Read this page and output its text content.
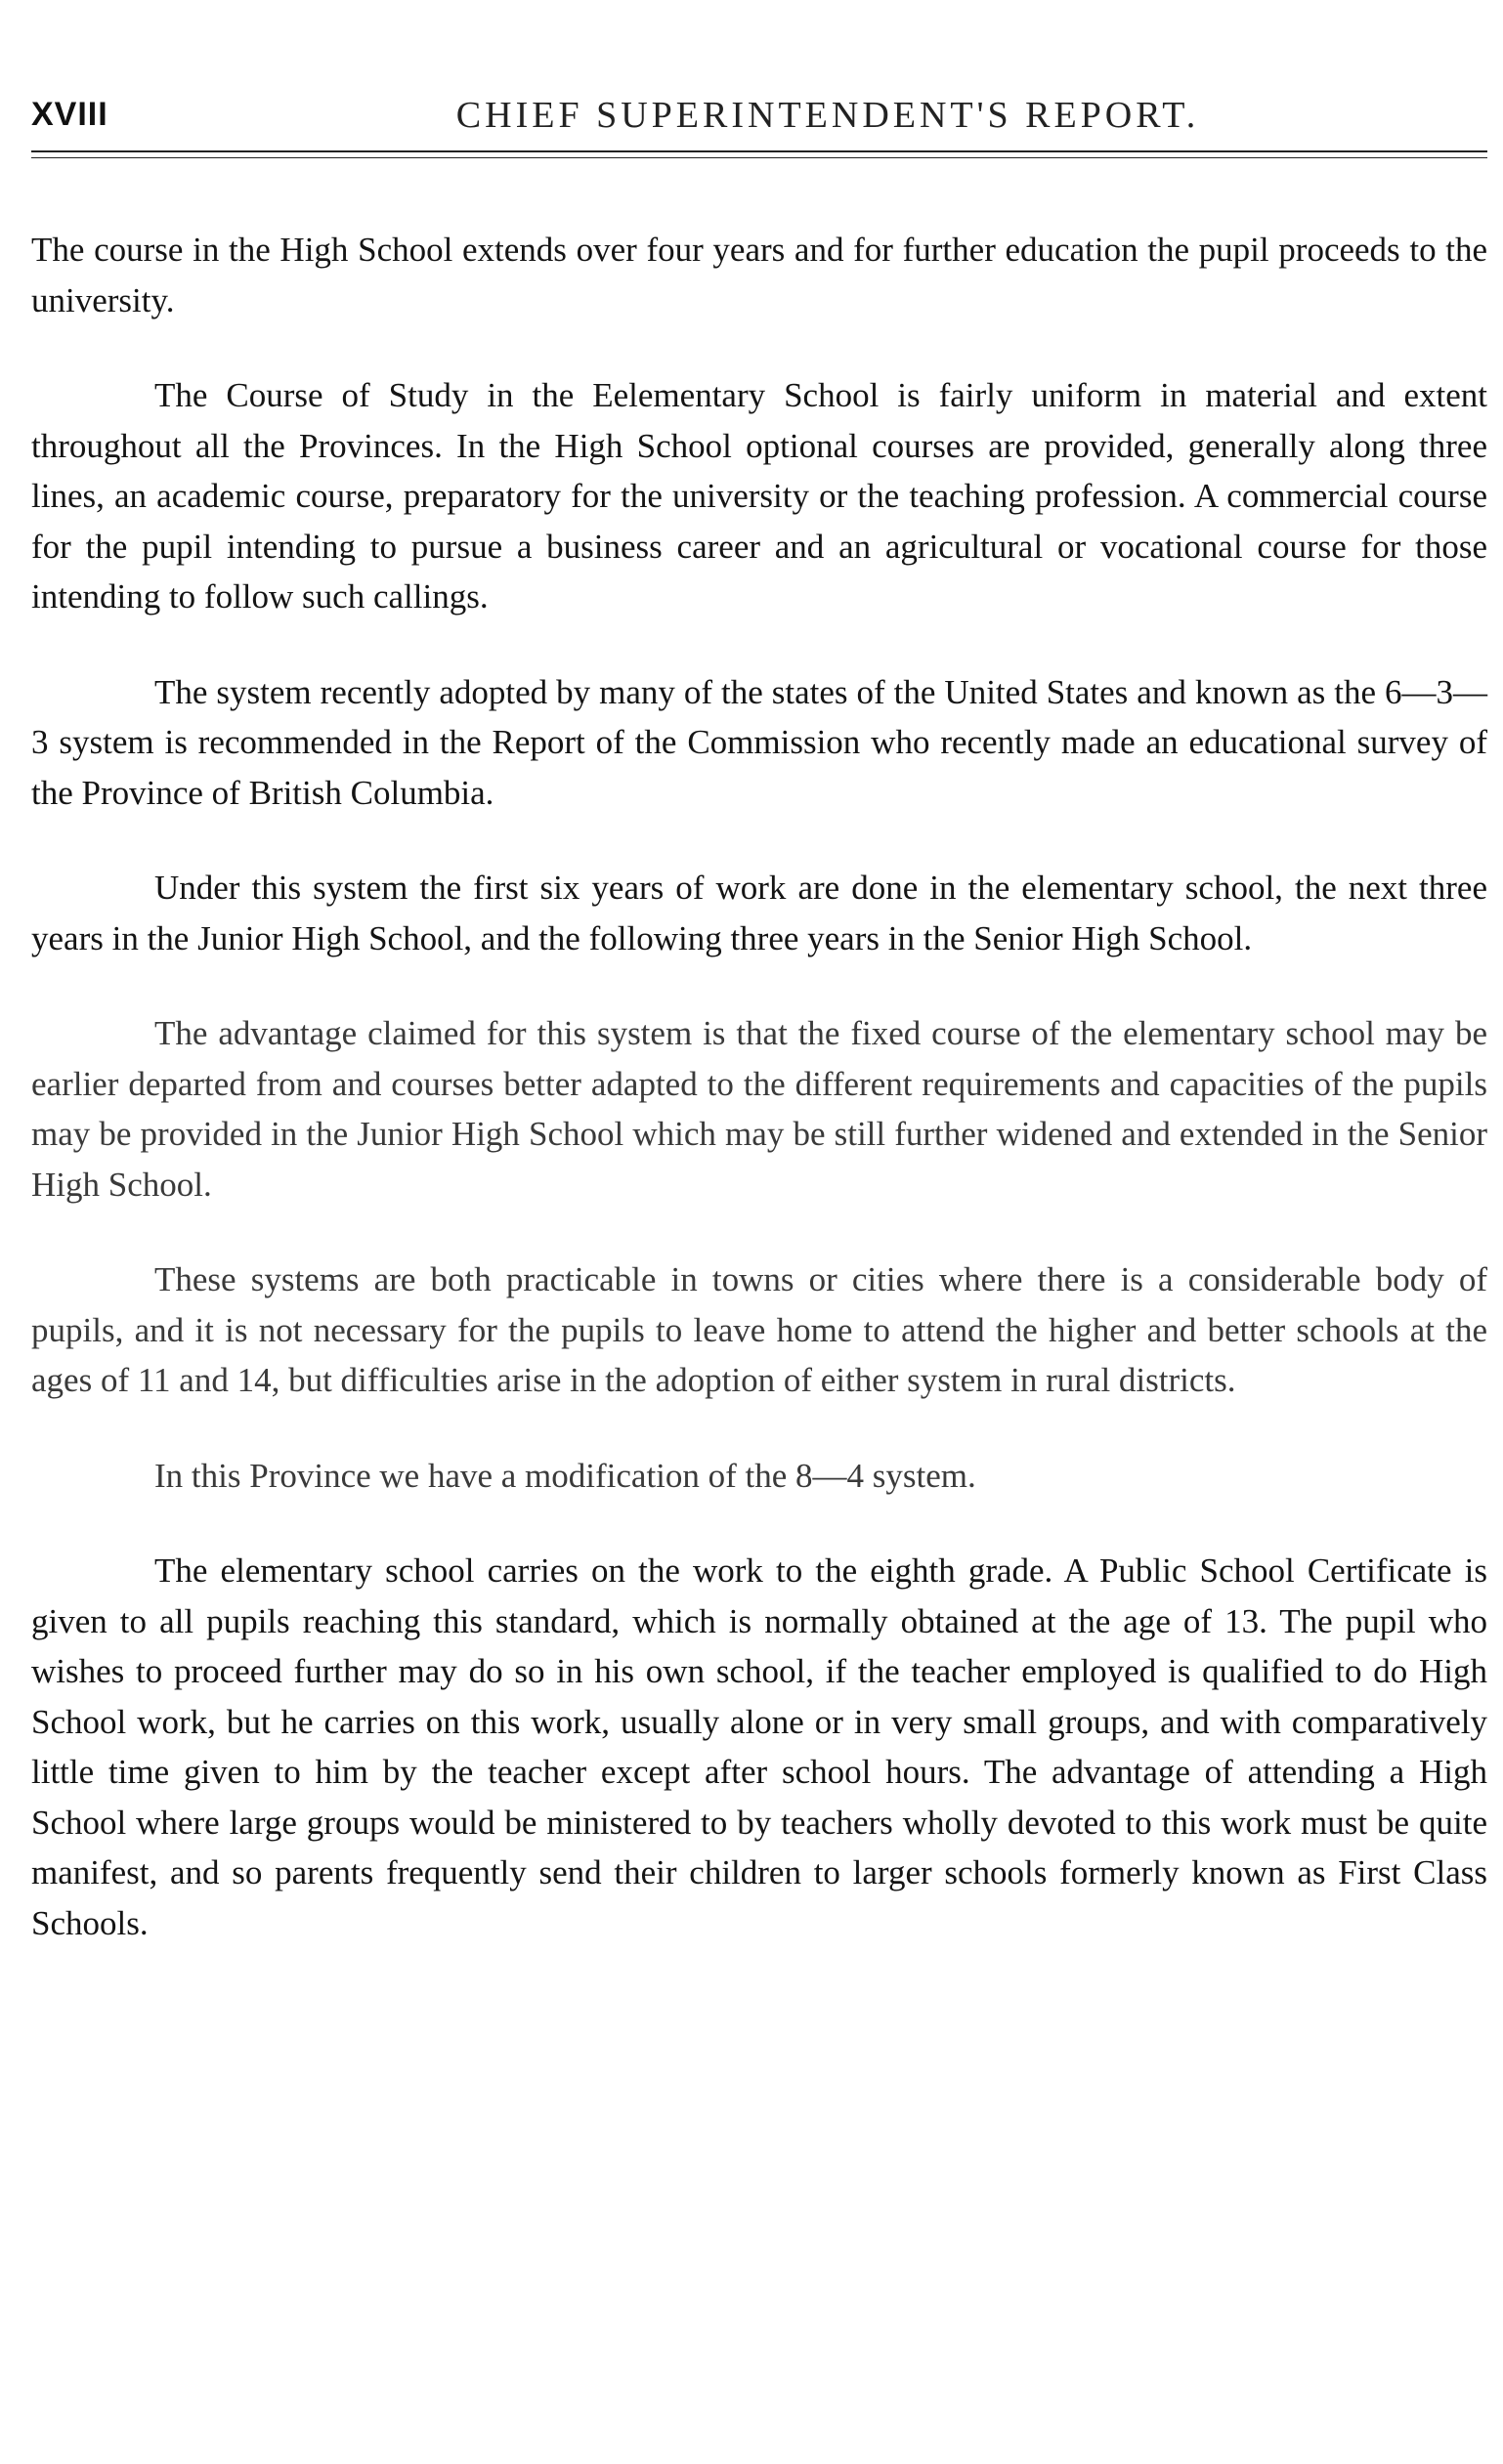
XVIII	CHIEF SUPERINTENDENT'S REPORT.

The course in the High School extends over four years and for further education the pupil proceeds to the university.

The Course of Study in the Eelementary School is fairly uniform in material and extent throughout all the Provinces. In the High School optional courses are provided, generally along three lines, an academic course, preparatory for the university or the teaching profession. A commercial course for the pupil intending to pursue a business career and an agricultural or vocational course for those intending to follow such callings.

The system recently adopted by many of the states of the United States and known as the 6—3—3 system is recommended in the Report of the Commission who recently made an educational survey of the Province of British Columbia.

Under this system the first six years of work are done in the elementary school, the next three years in the Junior High School, and the following three years in the Senior High School.

The advantage claimed for this system is that the fixed course of the elementary school may be earlier departed from and courses better adapted to the different requirements and capacities of the pupils may be provided in the Junior High School which may be still further widened and extended in the Senior High School.

These systems are both practicable in towns or cities where there is a considerable body of pupils, and it is not necessary for the pupils to leave home to attend the higher and better schools at the ages of 11 and 14, but difficulties arise in the adoption of either system in rural districts.

In this Province we have a modification of the 8—4 system.

The elementary school carries on the work to the eighth grade. A Public School Certificate is given to all pupils reaching this standard, which is normally obtained at the age of 13. The pupil who wishes to proceed further may do so in his own school, if the teacher employed is qualified to do High School work, but he carries on this work, usually alone or in very small groups, and with comparatively little time given to him by the teacher except after school hours. The advantage of attending a High School where large groups would be ministered to by teachers wholly devoted to this work must be quite manifest, and so parents frequently send their children to larger schools formerly known as First Class Schools.
